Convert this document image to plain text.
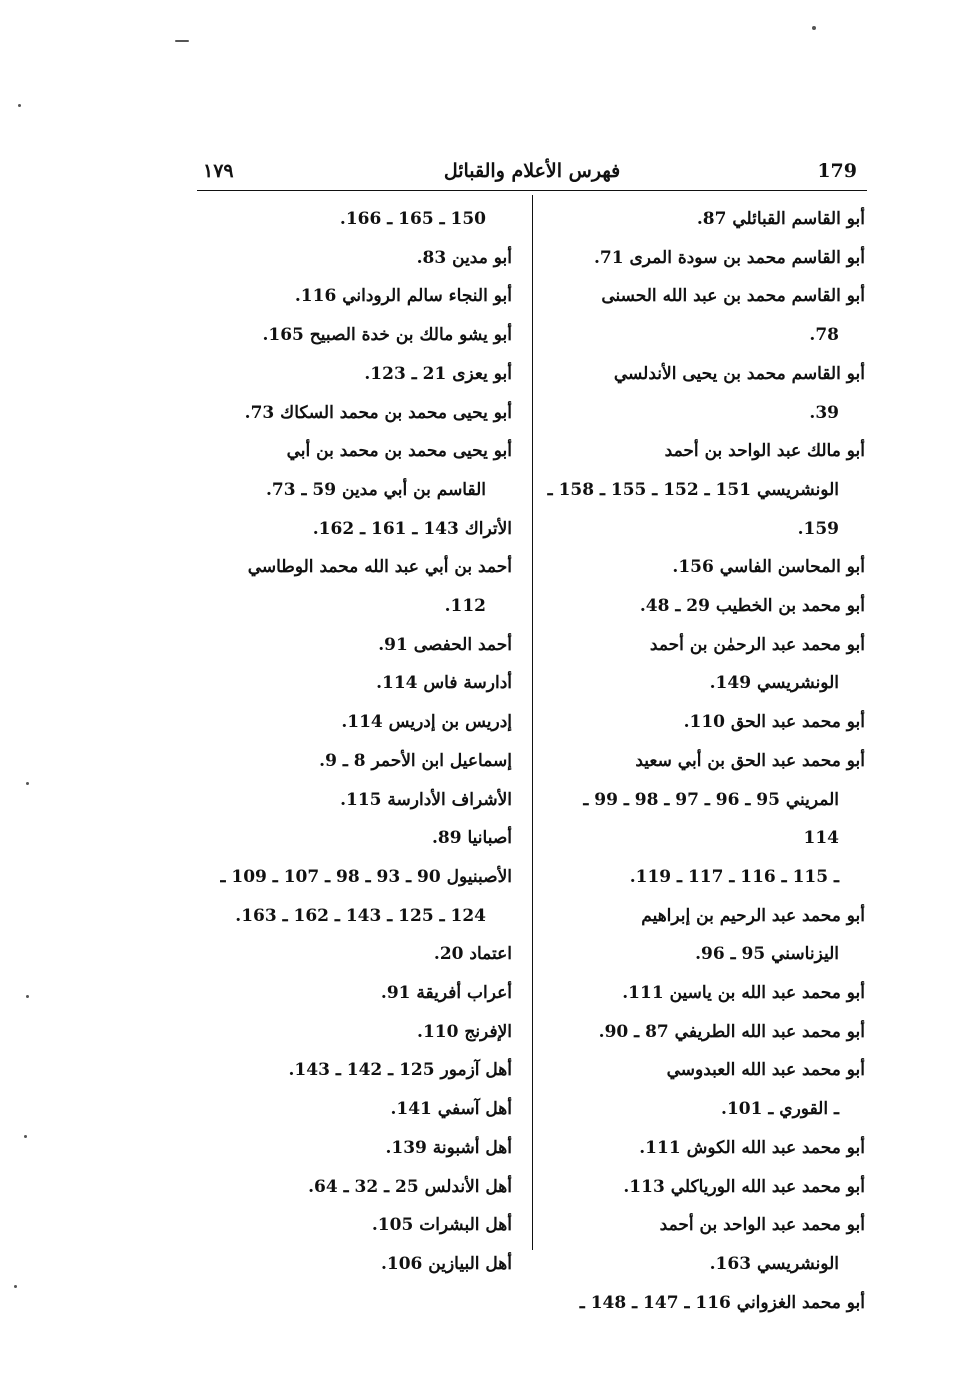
179
فهرس الأعلام والقبائل
١٧٩
أبو القاسم القبائلي 87.
أبو القاسم محمد بن سودة المرى 71.
أبو القاسم محمد بن عبد الله الحسنى
78.
أبو القاسم محمد بن يحيى الأندلسي
39.
أبو مالك عبد الواحد بن أحمد
الونشريسي 151 ـ 152 ـ 155 ـ 158 ـ
159.
أبو المحاسن الفاسي 156.
أبو محمد بن الخطيب 29 ـ 48.
أبو محمد عبد الرحمٰن بن أحمد
الونشريسي 149.
أبو محمد عبد الحق 110.
أبو محمد عبد الحق بن أبي سعيد
المريني 95 ـ 96 ـ 97 ـ 98 ـ 99 ـ 114
ـ 115 ـ 116 ـ 117 ـ 119.
أبو محمد عبد الرحيم بن إبراهيم
اليزناسني 95 ـ 96.
أبو محمد عبد الله بن ياسين 111.
أبو محمد عبد الله الطريفي 87 ـ 90.
أبو محمد عبد الله العبدوسي
ـ القوري ـ 101.
أبو محمد عبد الله الكوش 111.
أبو محمد عبد الله الورياكلي 113.
أبو محمد عبد الواحد بن أحمد
الونشريسي 163.
أبو محمد الغزواني 116 ـ 147 ـ 148 ـ
150 ـ 165 ـ 166.
أبو مدين 83.
أبو النجاء سالم الروداني 116.
أبو يشو مالك بن خدة الصبيح 165.
أبو يعزى 21 ـ 123.
أبو يحيى محمد بن محمد السكاك 73.
أبو يحيى محمد بن محمد بن أبي
القاسم بن أبي مدين 59 ـ 73.
الأتراك 143 ـ 161 ـ 162.
أحمد بن أبي عبد الله محمد الوطاسي
112.
أحمد الحفصى 91.
أدارسة فاس 114.
إدريس بن إدريس 114.
إسماعيل ابن الأحمر 8 ـ 9.
الأشراف الأدارسة 115.
أصبانيا 89.
الأصبنيول 90 ـ 93 ـ 98 ـ 107 ـ 109 ـ
124 ـ 125 ـ 143 ـ 162 ـ 163.
اعتماد 20.
أعراب أفريقة 91.
الإفرنج 110.
أهل آزمور 125 ـ 142 ـ 143.
أهل آسفي 141.
أهل أشبونة 139.
أهل الأندلس 25 ـ 32 ـ 64.
أهل البشرات 105.
أهل البيازين 106.
